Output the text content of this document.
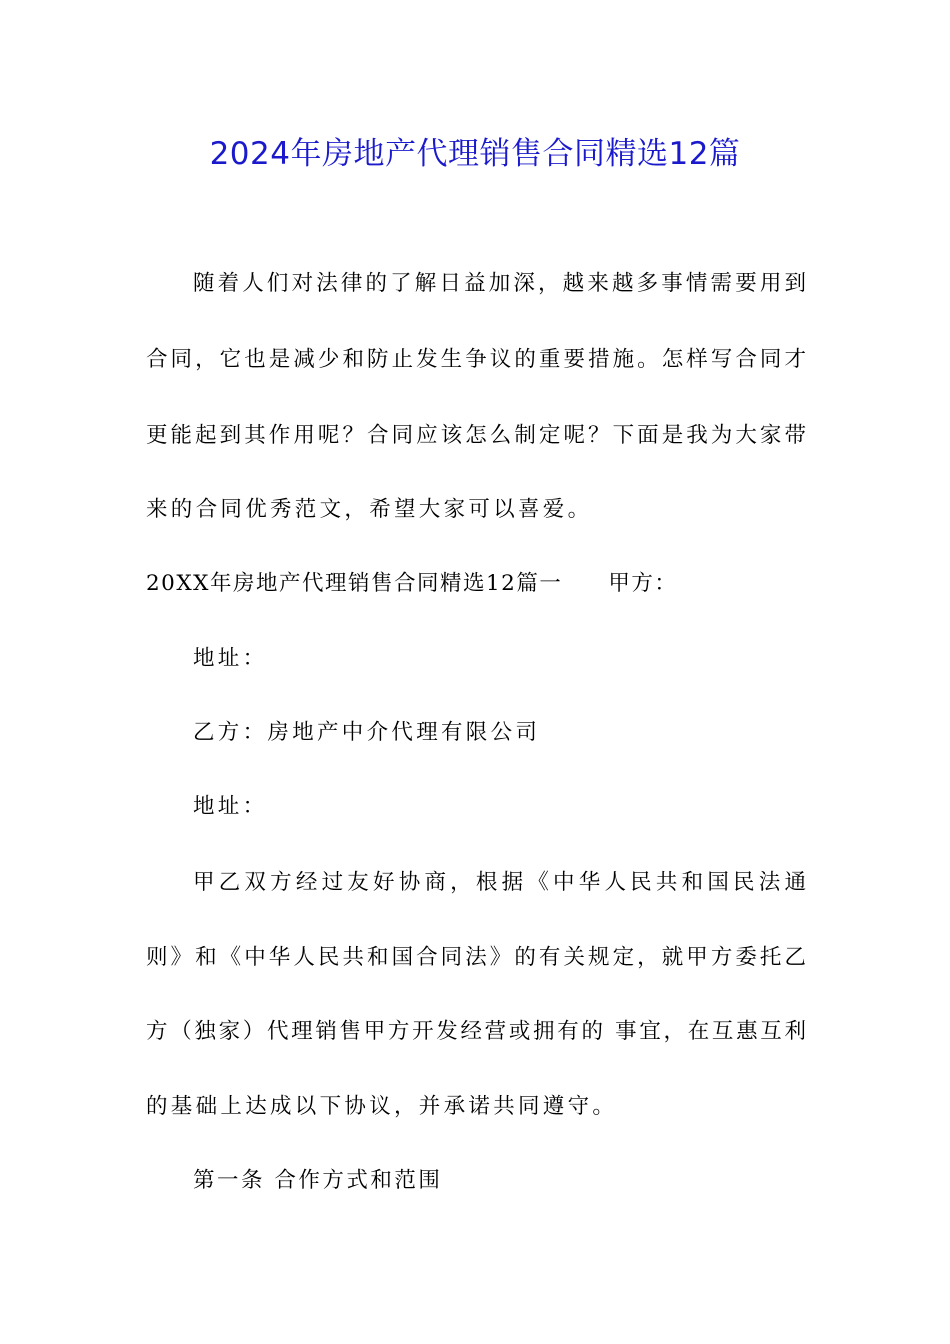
2024年房地产代理销售合同精选12篇
随着人们对法律的了解日益加深，越来越多事情需要用到
合同，它也是减少和防止发生争议的重要措施。怎样写合同才
更能起到其作用呢？合同应该怎么制定呢？下面是我为大家带
来的合同优秀范文，希望大家可以喜爱。
20XX年房地产代理销售合同精选12篇一　　甲方：
地址：
乙方：房地产中介代理有限公司
地址：
甲乙双方经过友好协商，根据《中华人民共和国民法通
则》和《中华人民共和国合同法》的有关规定，就甲方委托乙
方（独家）代理销售甲方开发经营或拥有的 事宜，在互惠互利
的基础上达成以下协议，并承诺共同遵守。
第一条 合作方式和范围
